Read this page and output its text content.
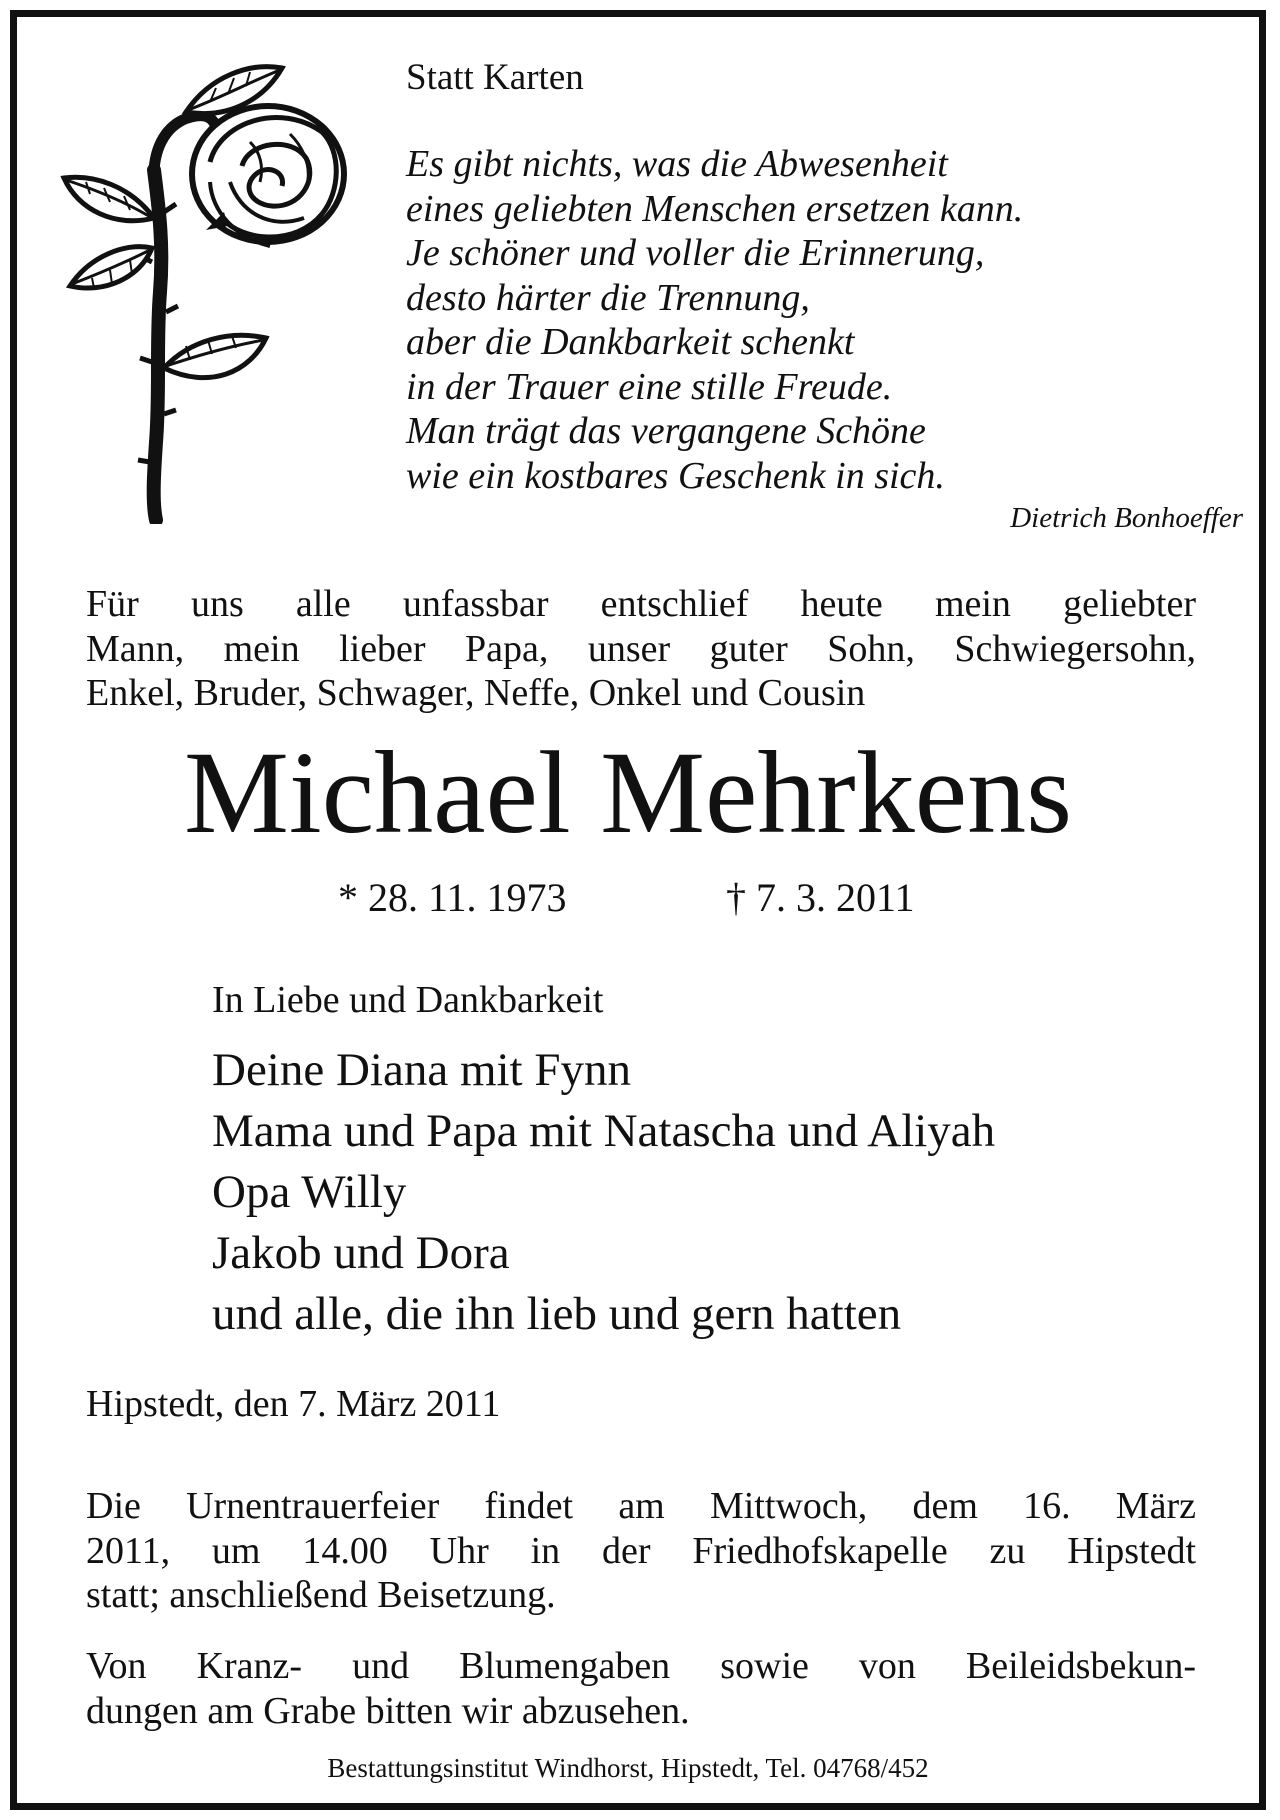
Statt Karten
Es gibt nichts, was die Abwesenheit
eines geliebten Menschen ersetzen kann.
Je schöner und voller die Erinnerung,
desto härter die Trennung,
aber die Dankbarkeit schenkt
in der Trauer eine stille Freude.
Man trägt das vergangene Schöne
wie ein kostbares Geschenk in sich.
Dietrich Bonhoeffer
Für uns alle unfassbar entschlief heute mein geliebter
Mann, mein lieber Papa, unser guter Sohn, Schwiegersohn,
Enkel, Bruder, Schwager, Neffe, Onkel und Cousin
Michael Mehrkens
* 28. 11. 1973	† 7. 3. 2011
In Liebe und Dankbarkeit
Deine Diana mit Fynn
Mama und Papa mit Natascha und Aliyah
Opa Willy
Jakob und Dora
und alle, die ihn lieb und gern hatten
Hipstedt, den 7. März 2011
Die Urnentrauerfeier findet am Mittwoch, dem 16. März
2011, um 14.00 Uhr in der Friedhofskapelle zu Hipstedt
statt; anschließend Beisetzung.
Von Kranz- und Blumengaben sowie von Beileidsbekun-
dungen am Grabe bitten wir abzusehen.
Bestattungsinstitut Windhorst, Hipstedt, Tel. 04768/452
